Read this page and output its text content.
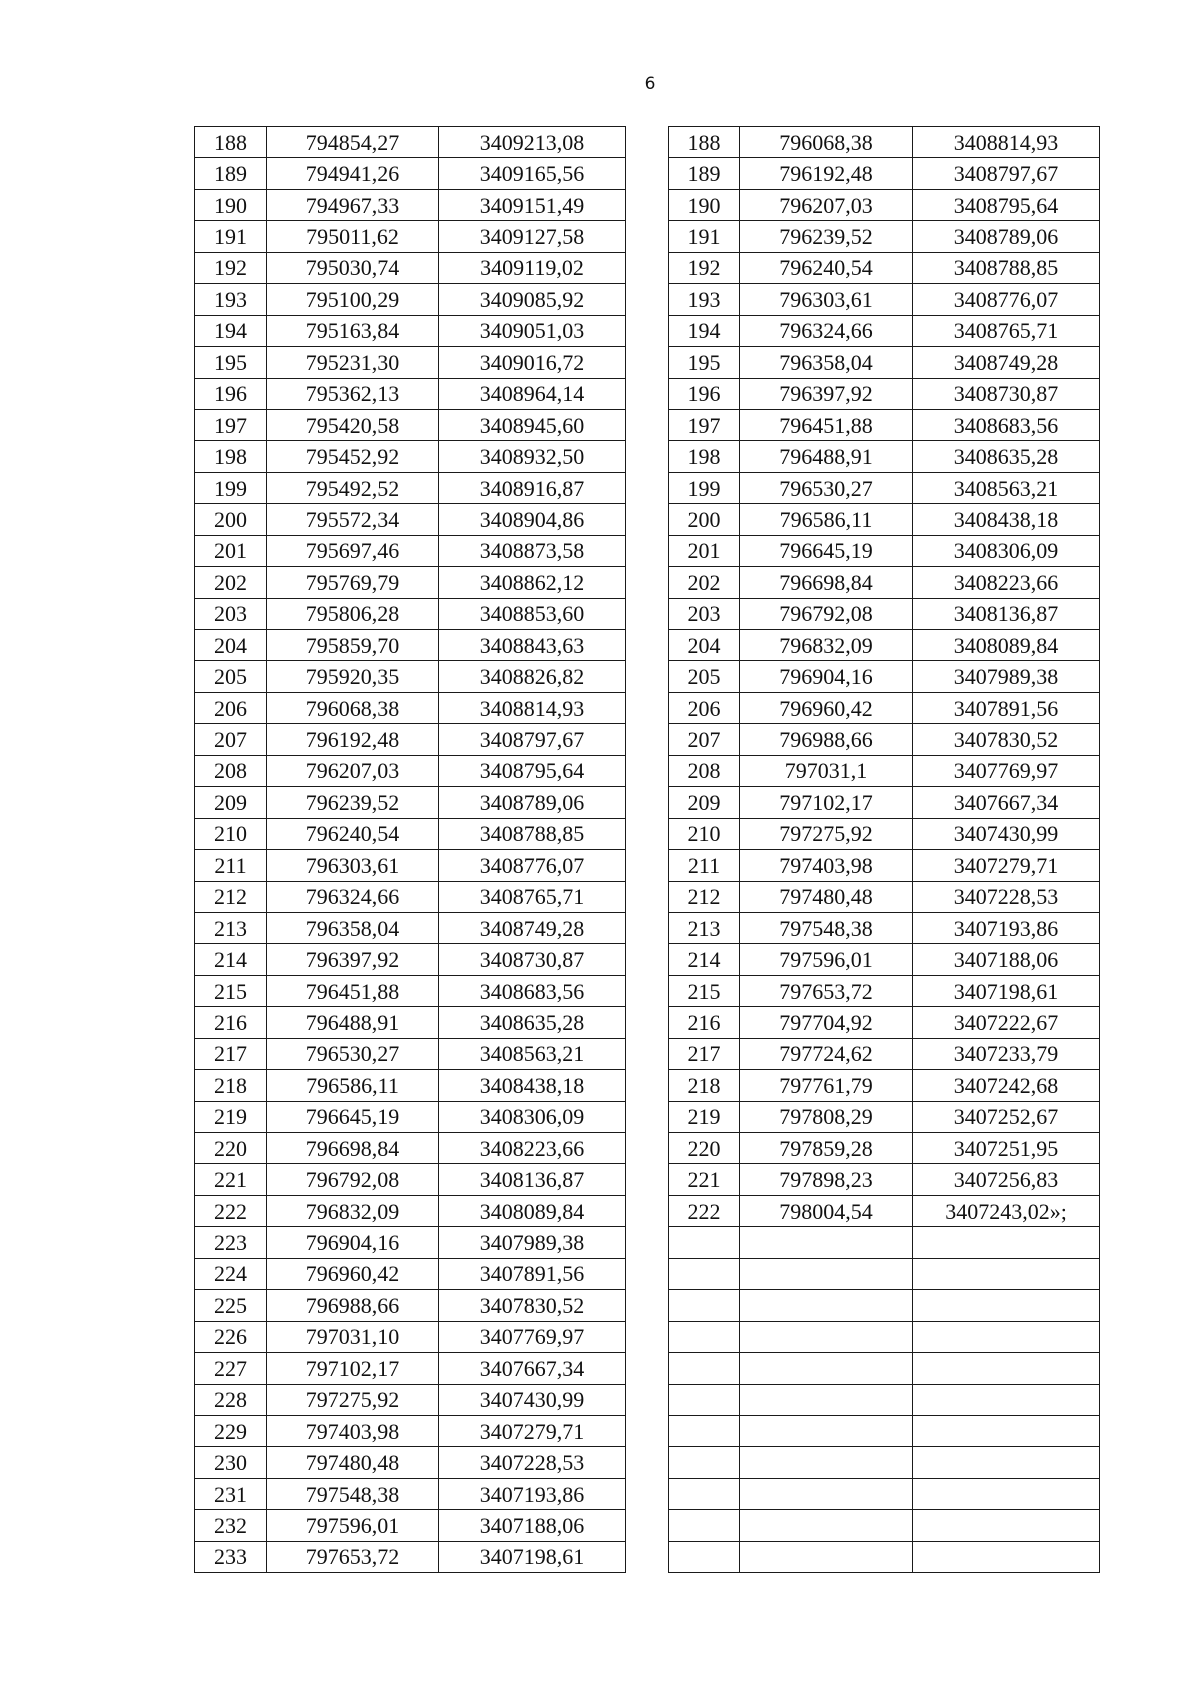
6
188	794854,27	3409213,08		188	796068,38	3408814,93
189	794941,26	3409165,56		189	796192,48	3408797,67
190	794967,33	3409151,49		190	796207,03	3408795,64
191	795011,62	3409127,58		191	796239,52	3408789,06
192	795030,74	3409119,02		192	796240,54	3408788,85
193	795100,29	3409085,92		193	796303,61	3408776,07
194	795163,84	3409051,03		194	796324,66	3408765,71
195	795231,30	3409016,72		195	796358,04	3408749,28
196	795362,13	3408964,14		196	796397,92	3408730,87
197	795420,58	3408945,60		197	796451,88	3408683,56
198	795452,92	3408932,50		198	796488,91	3408635,28
199	795492,52	3408916,87		199	796530,27	3408563,21
200	795572,34	3408904,86		200	796586,11	3408438,18
201	795697,46	3408873,58		201	796645,19	3408306,09
202	795769,79	3408862,12		202	796698,84	3408223,66
203	795806,28	3408853,60		203	796792,08	3408136,87
204	795859,70	3408843,63		204	796832,09	3408089,84
205	795920,35	3408826,82		205	796904,16	3407989,38
206	796068,38	3408814,93		206	796960,42	3407891,56
207	796192,48	3408797,67		207	796988,66	3407830,52
208	796207,03	3408795,64		208	797031,1	3407769,97
209	796239,52	3408789,06		209	797102,17	3407667,34
210	796240,54	3408788,85		210	797275,92	3407430,99
211	796303,61	3408776,07		211	797403,98	3407279,71
212	796324,66	3408765,71		212	797480,48	3407228,53
213	796358,04	3408749,28		213	797548,38	3407193,86
214	796397,92	3408730,87		214	797596,01	3407188,06
215	796451,88	3408683,56		215	797653,72	3407198,61
216	796488,91	3408635,28		216	797704,92	3407222,67
217	796530,27	3408563,21		217	797724,62	3407233,79
218	796586,11	3408438,18		218	797761,79	3407242,68
219	796645,19	3408306,09		219	797808,29	3407252,67
220	796698,84	3408223,66		220	797859,28	3407251,95
221	796792,08	3408136,87		221	797898,23	3407256,83
222	796832,09	3408089,84		222	798004,54	3407243,02»;
223	796904,16	3407989,38				
224	796960,42	3407891,56				
225	796988,66	3407830,52				
226	797031,10	3407769,97				
227	797102,17	3407667,34				
228	797275,92	3407430,99				
229	797403,98	3407279,71				
230	797480,48	3407228,53				
231	797548,38	3407193,86				
232	797596,01	3407188,06				
233	797653,72	3407198,61				
